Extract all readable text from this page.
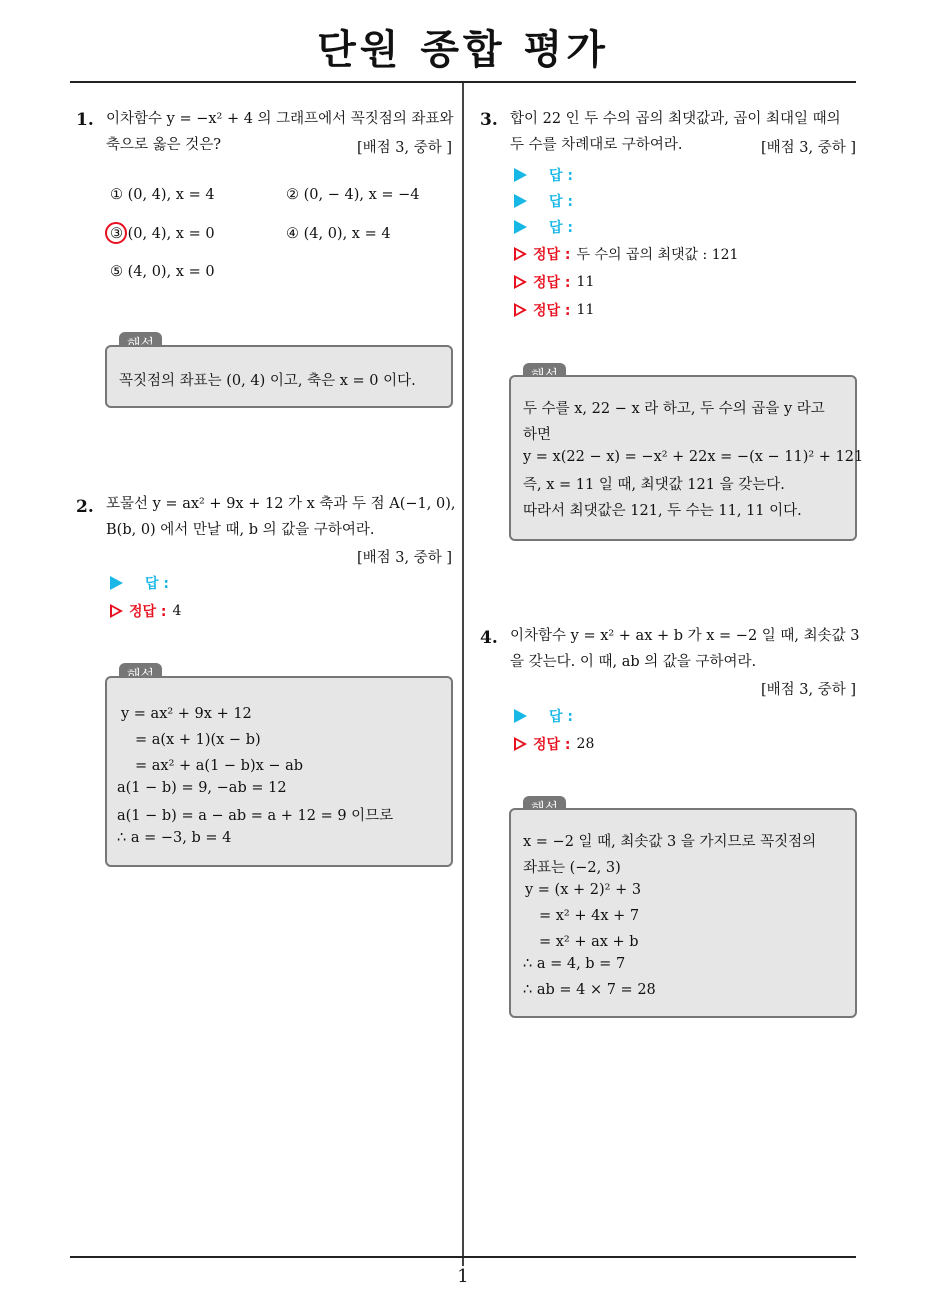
단원 종합 평가
1. 이차함수 y = −x² + 4 의 그래프에서 꼭짓점의 좌표와
축으로 옳은 것은?	[배점 3, 중하 ]
① (0, 4), x = 4	② (0, − 4), x = −4
③ (0, 4), x = 0	④ (4, 0), x = 4
⑤ (4, 0), x = 0
꼭짓점의 좌표는 (0, 4) 이고, 축은 x = 0 이다.
2. 포물선 y = ax² + 9x + 12 가 x 축과 두 점 A(−1, 0),
B(b, 0) 에서 만날 때, b 의 값을 구하여라.
[배점 3, 중하 ]
답 :
정답 : 4
y = ax² + 9x + 12
= a(x + 1)(x − b)
= ax² + a(1 − b)x − ab
a(1 − b) = 9, −ab = 12
a(1 − b) = a − ab = a + 12 = 9 이므로
∴ a = −3, b = 4
3. 합이 22 인 두 수의 곱의 최댓값과, 곱이 최대일 때의
두 수를 차례대로 구하여라.	[배점 3, 중하 ]
답 :
답 :
답 :
정답 : 두 수의 곱의 최댓값 : 121
정답 : 11
정답 : 11
두 수를 x, 22 − x 라 하고, 두 수의 곱을 y 라고
하면
y = x(22 − x) = −x² + 22x = −(x − 11)² + 121
즉, x = 11 일 때, 최댓값 121 을 갖는다.
따라서 최댓값은 121, 두 수는 11, 11 이다.
4. 이차함수 y = x² + ax + b 가 x = −2 일 때, 최솟값 3
을 갖는다. 이 때, ab 의 값을 구하여라.
[배점 3, 중하 ]
답 :
정답 : 28
x = −2 일 때, 최솟값 3 을 가지므로 꼭짓점의
좌표는 (−2, 3)
y = (x + 2)² + 3
= x² + 4x + 7
= x² + ax + b
∴ a = 4, b = 7
∴ ab = 4 × 7 = 28
1
